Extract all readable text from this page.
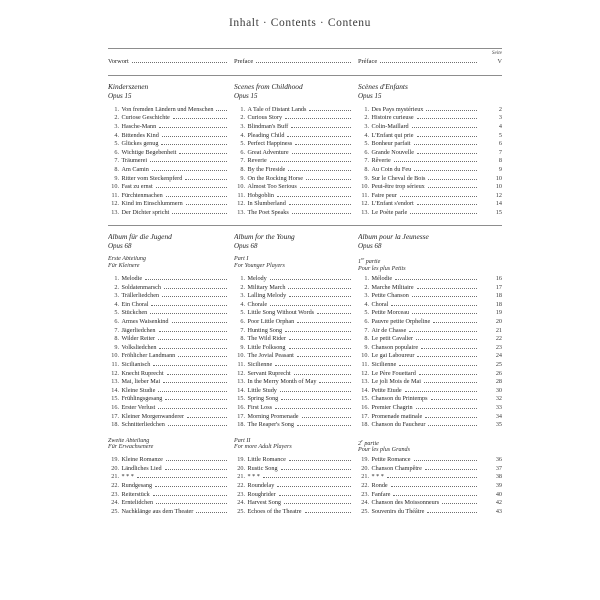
Inhalt · Contents · Contenu
Seite
Vorwort	Preface	Préface	V
Kinderszenen
Opus 15
Scenes from Childhood
Opus 15
Scènes d'Enfants
Opus 15
1. Von fremden Ländern und Menschen	1. A Tale of Distant Lands	1. Des Pays mystérieux	2
2. Curiose Geschichte	2. Curious Story	2. Histoire curieuse	3
3. Hasche-Mann	3. Blindman's Buff	3. Colin-Maillard	4
4. Bittendes Kind	4. Pleading Child	4. L'Enfant qui prie	5
5. Glückes genug	5. Perfect Happiness	5. Bonheur parfait	6
6. Wichtige Begebenheit	6. Great Adventure	6. Grande Nouvelle	7
7. Träumerei	7. Reverie	7. Rêverie	8
8. Am Camin	8. By the Fireside	8. Au Coin du Feu	9
9. Ritter vom Steckenpferd	9. On the Rocking Horse	9. Sur le Cheval de Bois	10
10. Fast zu ernst	10. Almost Too Serious	10. Peut-être trop sérieux	10
11. Fürchtenmachen	11. Hobgoblin	11. Faire peur	12
12. Kind im Einschlummern	12. In Slumberland	12. L'Enfant s'endort	14
13. Der Dichter spricht	13. The Poet Speaks	13. Le Poète parle	15
Album für die Jugend
Opus 68
Album for the Young
Opus 68
Album pour la Jeunesse
Opus 68
Erste Abteilung
Für Kleinere
Part I
For Younger Players
1re partie
Pour les plus Petits
1. Melodie	1. Melody	1. Mélodie	16
2. Soldatenmarsch	2. Military March	2. Marche Militaire	17
3. Trällerliedchen	3. Lalling Melody	3. Petite Chanson	18
4. Ein Choral	4. Chorale	4. Choral	18
5. Stückchen	5. Little Song Without Words	5. Petite Morceau	19
6. Armes Waisenkind	6. Poor Little Orphan	6. Pauvre petite Orpheline	20
7. Jägerliedchen	7. Hunting Song	7. Air de Chasse	21
8. Wilder Reiter	8. The Wild Rider	8. Le petit Cavalier	22
9. Volksliedchen	9. Little Folksong	9. Chanson populaire	23
10. Fröhlicher Landmann	10. The Jovial Peasant	10. Le gai Laboureur	24
11. Sicilianisch	11. Sicilienne	11. Sicilienne	25
12. Knecht Ruprecht	12. Servant Ruprecht	12. Le Père Fouettard	26
13. Mai, lieber Mai	13. In the Merry Month of May	13. Le joli Mois de Mai	28
14. Kleine Studie	14. Little Study	14. Petite Etude	30
15. Frühlingsgesang	15. Spring Song	15. Chanson du Printemps	32
16. Erster Verlust	16. First Loss	16. Premier Chagrin	33
17. Kleiner Morgenwanderer	17. Morning Promenade	17. Promenade matinale	34
18. Schnitterliedchen	18. The Reaper's Song	18. Chanson du Faucheur	35
Zweite Abteilung
Für Erwachsenere
Part II
For more Adult Players
2e partie
Pour les plus Grands
19. Kleine Romanze	19. Little Romance	19. Petite Romance	36
20. Ländliches Lied	20. Rustic Song	20. Chanson Champêtre	37
21. * * *	21. * * *	21. * * *	38
22. Rundgesang	22. Roundelay	22. Ronde	39
23. Reiterstück	23. Roughrider	23. Fanfare	40
24. Erntelidchen	24. Harvest Song	24. Chanson des Moissonneurs	42
25. Nachklänge aus dem Theater	25. Echoes of the Theatre	25. Souvenirs du Théâtre	43
